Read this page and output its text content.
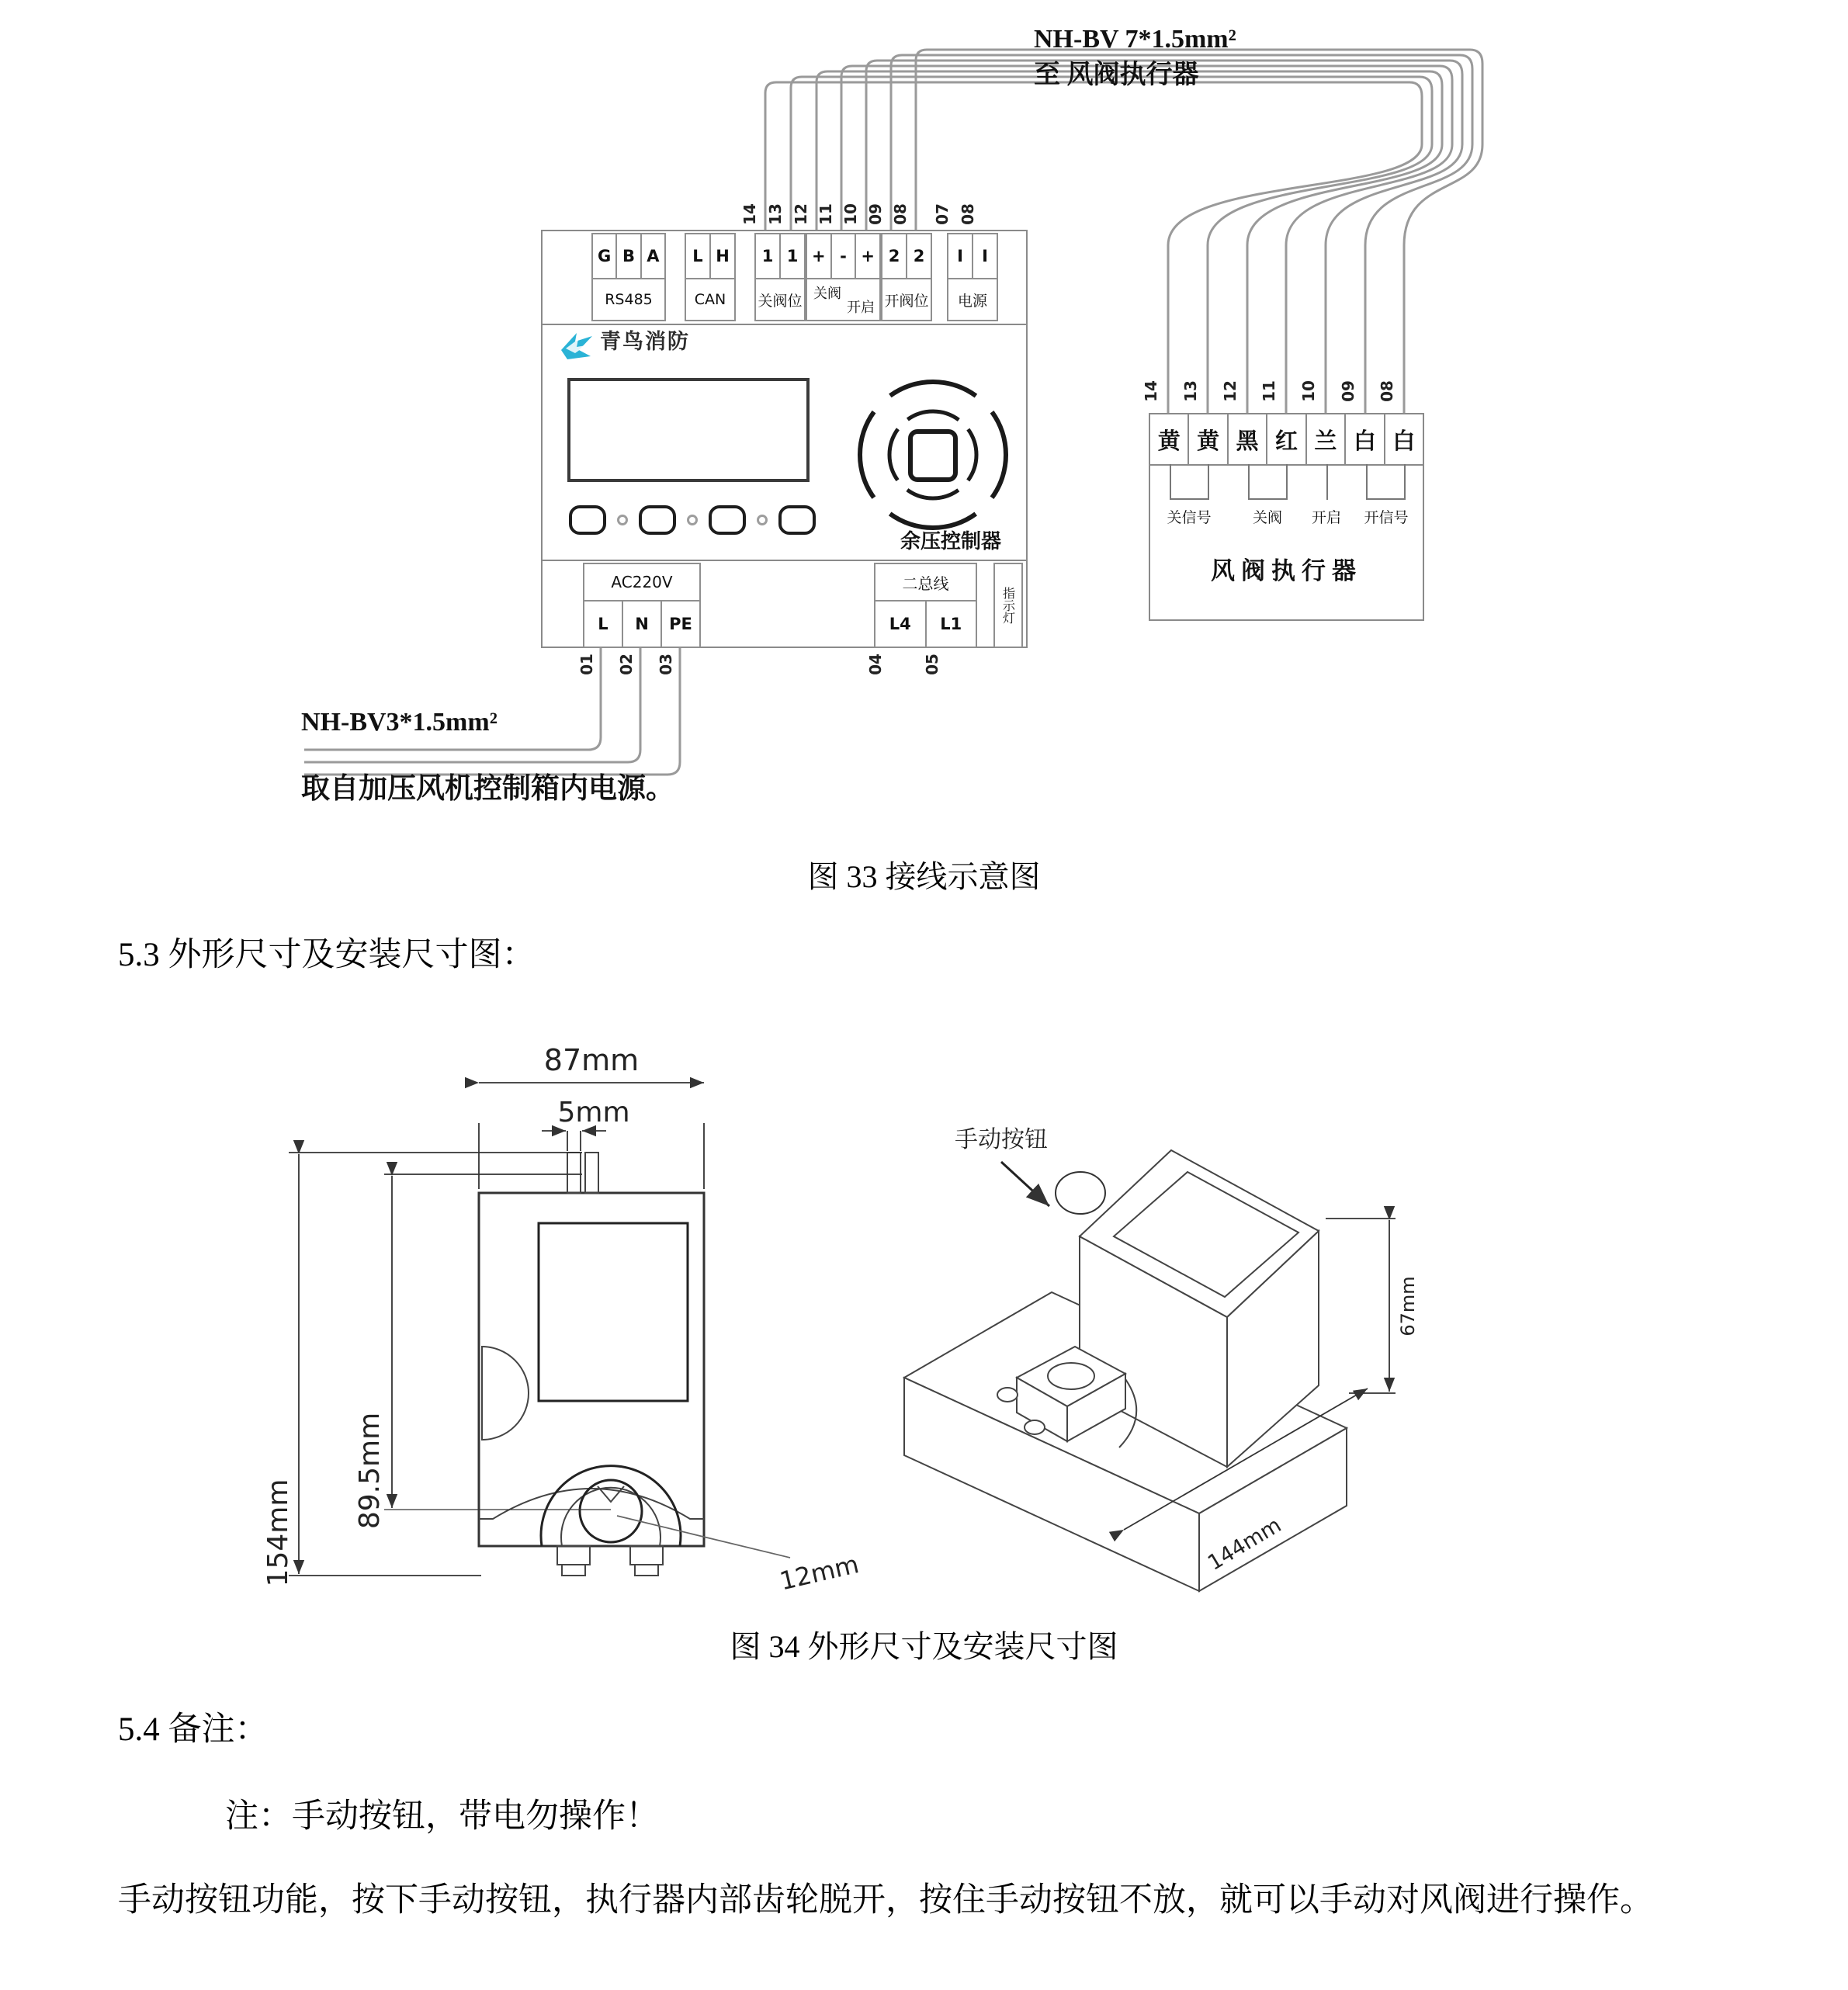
NH-BV 7*1.5mm²
至 风阀执行器
14 13 12 11 10 09 08 07 08
G B A
RS485
L H
CAN
1 1
关阀位
+ - +
关阀
开启
2 2
开阀位
I	I
电源
青鸟消防
余压控制器
AC220V
L	N	PE
二总线
L4	L1	指示灯
01 02 03	04 05
NH-BV3*1.5mm²
取自加压风机控制箱内电源。
14 13 12 11 10 09 08
黄 黄 黑 红 兰 白 白
关信号	关阀	开启	开信号
风阀执行器
图 33 接线示意图
5.3 外形尺寸及安装尺寸图：
87mm
5mm
154mm
89.5mm
12mm
手动按钮
67mm
144mm
图 34 外形尺寸及安装尺寸图
5.4 备注：
注：手动按钮，带电勿操作！
手动按钮功能，按下手动按钮，执行器内部齿轮脱开，按住手动按钮不放，就可以手动对风阀进行操作。
